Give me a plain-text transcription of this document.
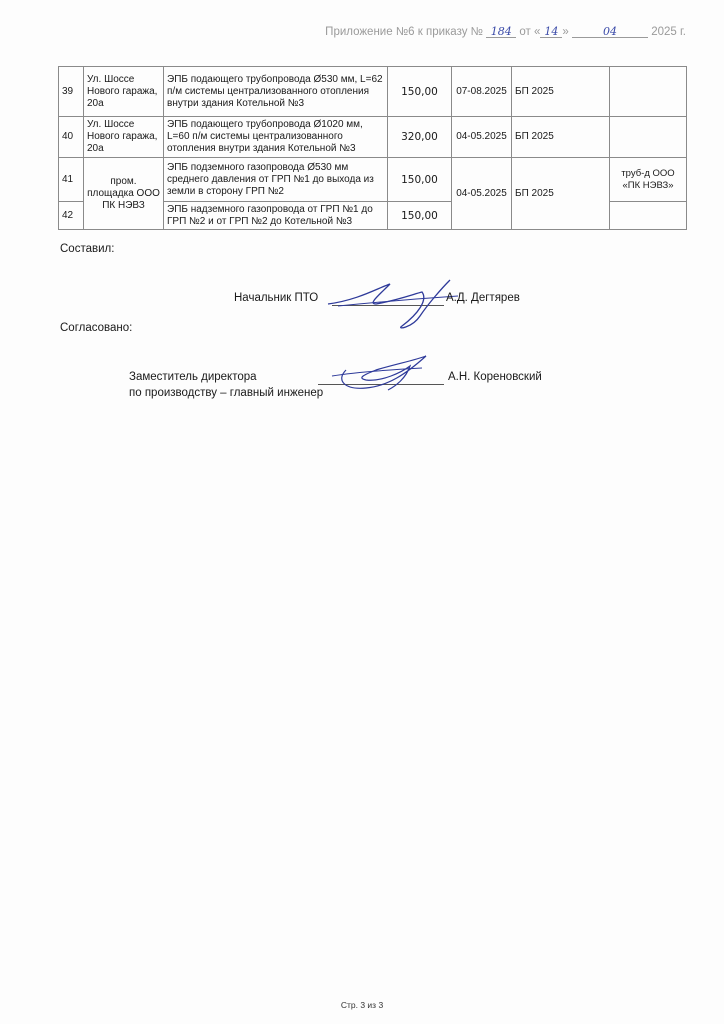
Приложение №6 к приказу № 184 от « 14 »	04	2025 г.
39	Ул. Шоссе Нового гаража, 20а	ЭПБ подающего трубопровода Ø530 мм, L=62 п/м системы централизованного отопления внутри здания Котельной №3	150,00	07-08.2025	БП 2025	
40	Ул. Шоссе Нового гаража, 20а	ЭПБ подающего трубопровода Ø1020 мм, L=60 п/м системы централизованного отопления внутри здания Котельной №3	320,00	04-05.2025	БП 2025	
41	пром. площадка ООО ПК НЭВЗ	ЭПБ подземного газопровода Ø530 мм среднего давления от ГРП №1 до выхода из земли в сторону ГРП №2	150,00	04-05.2025	БП 2025	труб-д ООО «ПК НЭВЗ»
42		ЭПБ надземного газопровода от ГРП №1 до ГРП №2 и от ГРП №2 до Котельной №3	150,00			
Составил:
Начальник ПТО	А.Д. Дегтярев
Согласовано:
Заместитель директора
по производству – главный инженер
А.Н. Кореновский
Стр. 3 из 3
